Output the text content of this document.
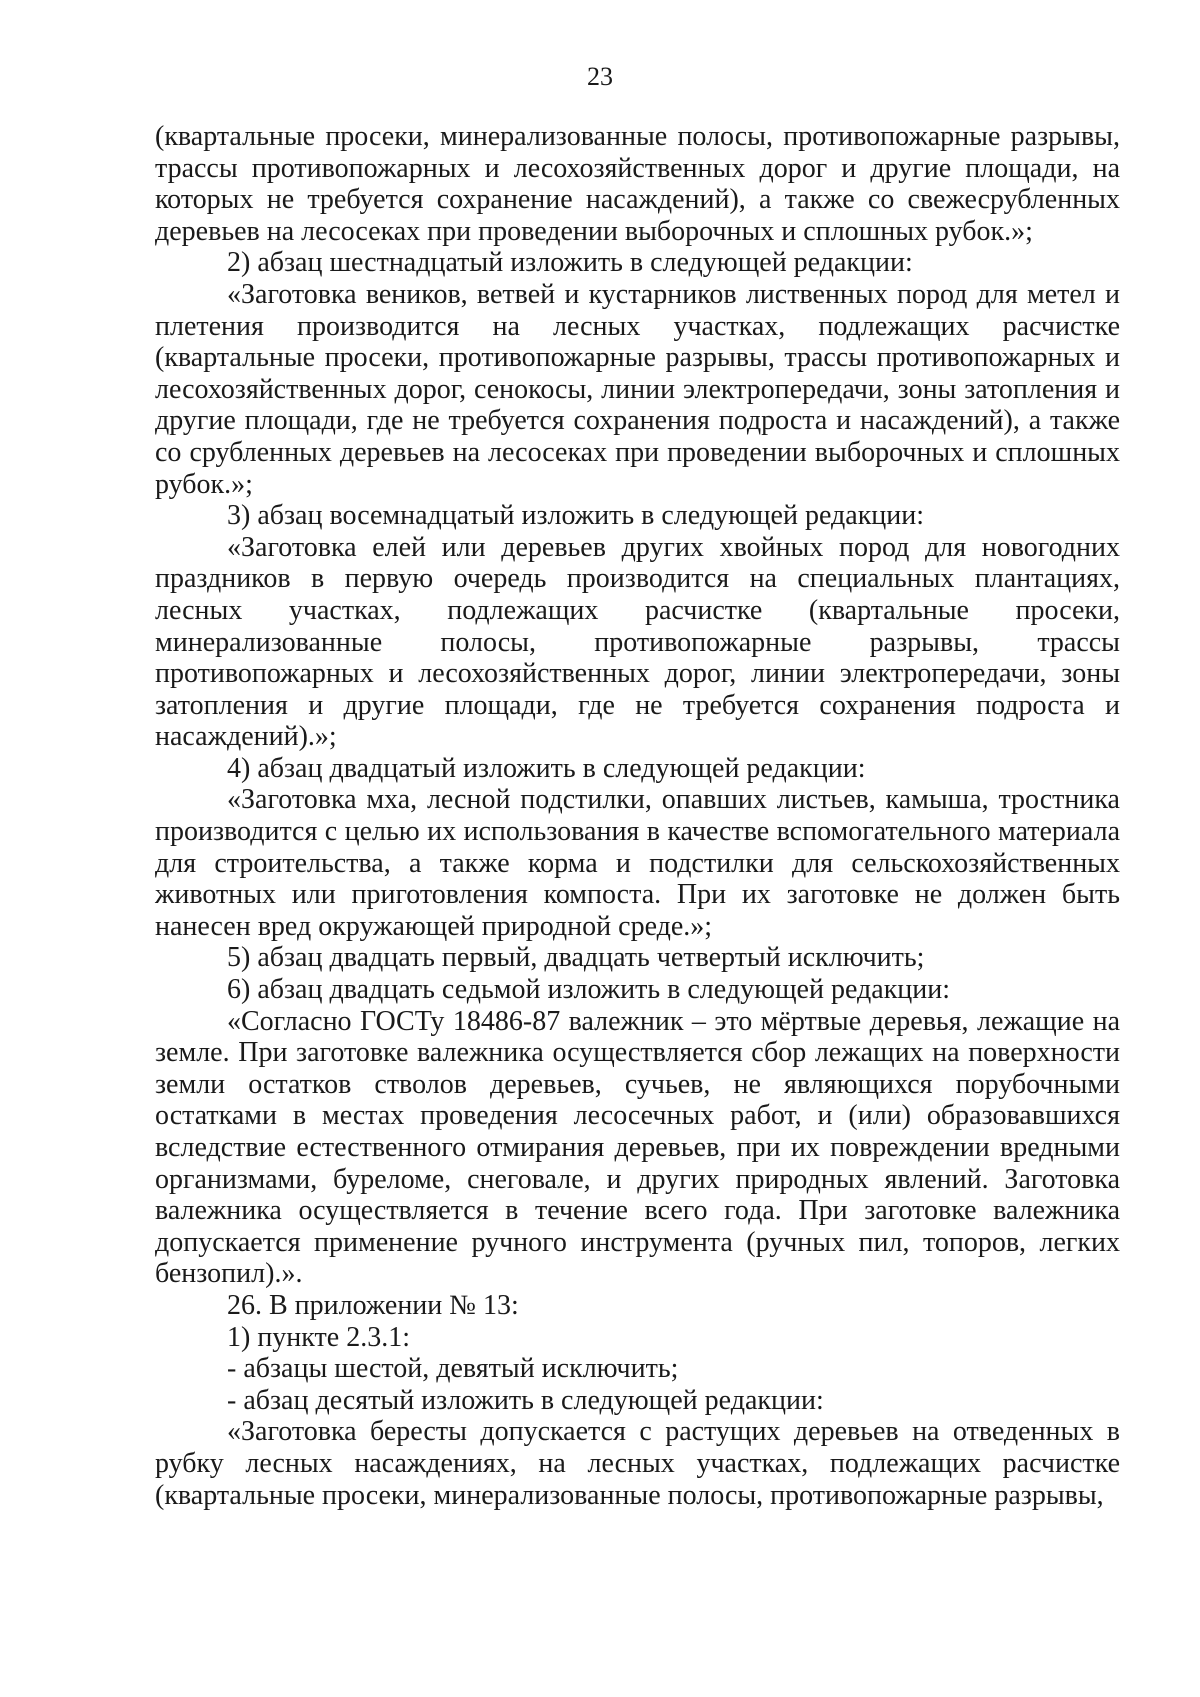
23

(квартальные просеки, минерализованные полосы, противопожарные разрывы, трассы противопожарных и лесохозяйственных дорог и другие площади, на которых не требуется сохранение насаждений), а также со свежесрубленных деревьев на лесосеках при проведении выборочных и сплошных рубок.»;

2) абзац шестнадцатый изложить в следующей редакции:

«Заготовка веников, ветвей и кустарников лиственных пород для метел и плетения производится на лесных участках, подлежащих расчистке (квартальные просеки, противопожарные разрывы, трассы противопожарных и лесохозяйственных дорог, сенокосы, линии электропередачи, зоны затопления и другие площади, где не требуется сохранения подроста и насаждений), а также со срубленных деревьев на лесосеках при проведении выборочных и сплошных рубок.»;

3) абзац восемнадцатый изложить в следующей редакции:

«Заготовка елей или деревьев других хвойных пород для новогодних праздников в первую очередь производится на специальных плантациях, лесных участках, подлежащих расчистке (квартальные просеки, минерализованные полосы, противопожарные разрывы, трассы противопожарных и лесохозяйственных дорог, линии электропередачи, зоны затопления и другие площади, где не требуется сохранения подроста и насаждений).»;

4) абзац двадцатый изложить в следующей редакции:

«Заготовка мха, лесной подстилки, опавших листьев, камыша, тростника производится с целью их использования в качестве вспомогательного материала для строительства, а также корма и подстилки для сельскохозяйственных животных или приготовления компоста. При их заготовке не должен быть нанесен вред окружающей природной среде.»;

5) абзац двадцать первый, двадцать четвертый исключить;

6) абзац двадцать седьмой изложить в следующей редакции:

«Согласно ГОСТу 18486-87 валежник – это мёртвые деревья, лежащие на земле. При заготовке валежника осуществляется сбор лежащих на поверхности земли остатков стволов деревьев, сучьев, не являющихся порубочными остатками в местах проведения лесосечных работ, и (или) образовавшихся вследствие естественного отмирания деревьев, при их повреждении вредными организмами, буреломе, снеговале, и других природных явлений. Заготовка валежника осуществляется в течение всего года. При заготовке валежника допускается применение ручного инструмента (ручных пил, топоров, легких бензопил).».

26. В приложении № 13:

1) пункте 2.3.1:

- абзацы шестой, девятый исключить;

- абзац десятый изложить в следующей редакции:

«Заготовка бересты допускается с растущих деревьев на отведенных в рубку лесных насаждениях, на лесных участках, подлежащих расчистке (квартальные просеки, минерализованные полосы, противопожарные разрывы,
